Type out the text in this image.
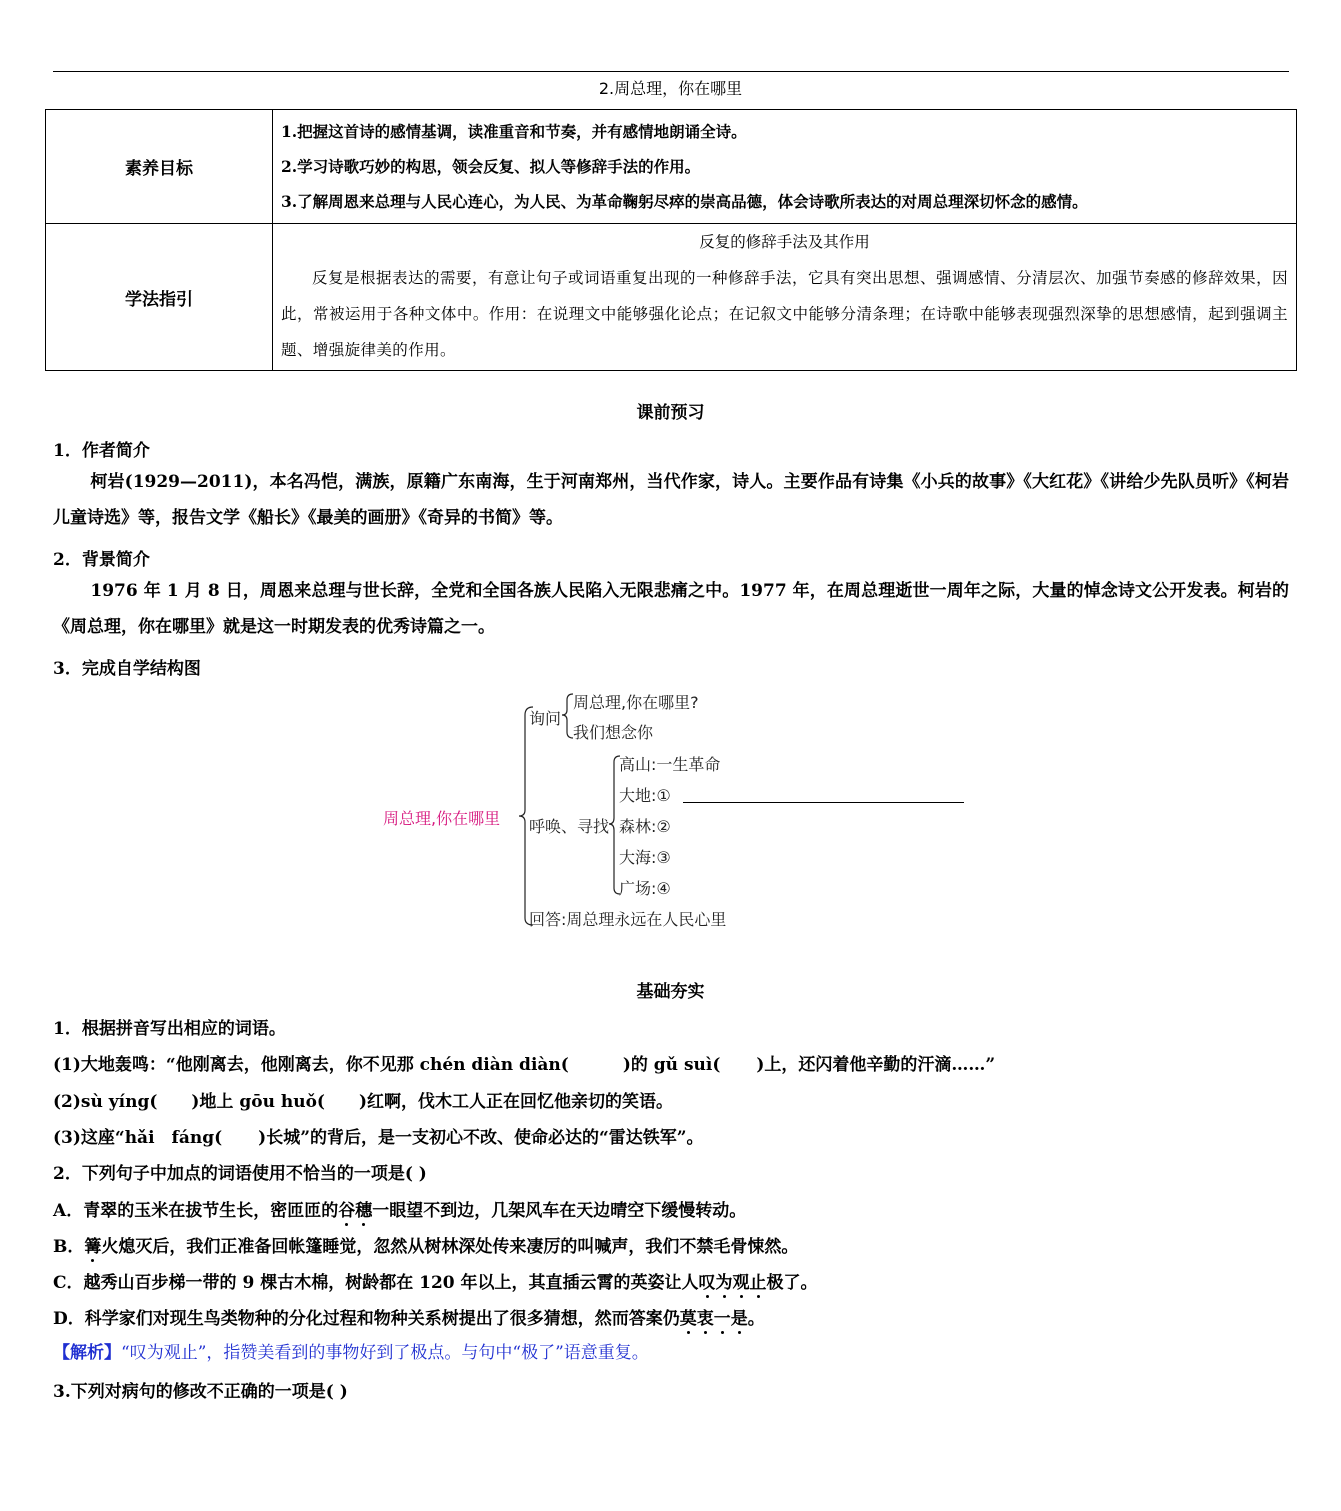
2.周总理，你在哪里
素养目标	1.把握这首诗的感情基调，读准重音和节奏，并有感情地朗诵全诗。
2.学习诗歌巧妙的构思，领会反复、拟人等修辞手法的作用。
3.了解周恩来总理与人民心连心，为人民、为革命鞠躬尽瘁的崇高品德，体会诗歌所表达的对周总理深切怀念的感情。

学法指引	反复的修辞手法及其作用
反复是根据表达的需要，有意让句子或词语重复出现的一种修辞手法，它具有突出思想、强调感情、分清层次、加强节奏感的修辞效果，因此，常被运用于各种文体中。作用：在说理文中能够强化论点；在记叙文中能够分清条理；在诗歌中能够表现强烈深挚的思想感情，起到强调主题、增强旋律美的作用。
课前预习
1．作者简介
柯岩(1929—2011)，本名冯恺，满族，原籍广东南海，生于河南郑州，当代作家，诗人。主要作品有诗集《小兵的故事》《大红花》《讲给少先队员听》《柯岩儿童诗选》等，报告文学《船长》《最美的画册》《奇异的书简》等。
2．背景简介
1976 年 1 月 8 日，周恩来总理与世长辞，全党和全国各族人民陷入无限悲痛之中。1977 年，在周总理逝世一周年之际，大量的悼念诗文公开发表。柯岩的《周总理，你在哪里》就是这一时期发表的优秀诗篇之一。
3．完成自学结构图
周总理,你在哪里
询问
周总理,你在哪里?
我们想念你
呼唤、寻找
高山:一生革命
大地:①
森林:②
大海:③
广场:④
回答:周总理永远在人民心里
基础夯实
1．根据拼音写出相应的词语。
(1)大地轰鸣：“他刚离去，他刚离去，你不见那 chén diàn diàn(	)的 gǔ suì( )上，还闪着他辛勤的汗滴……”
(2)sù yíng( )地上 gōu huǒ( )红啊，伐木工人正在回忆他亲切的笑语。
(3)这座“hǎi　fáng( )长城”的背后，是一支初心不改、使命必达的“雷达铁军”。
2．下列句子中加点的词语使用不恰当的一项是( )
A．青翠的玉米在拔节生长，密匝匝的谷穗一眼望不到边，几架风车在天边晴空下缓慢转动。
B．篝火熄灭后，我们正准备回帐篷睡觉，忽然从树林深处传来凄厉的叫喊声，我们不禁毛骨悚然。
C．越秀山百步梯一带的 9 棵古木棉，树龄都在 120 年以上，其直插云霄的英姿让人叹为观止极了。
D．科学家们对现生鸟类物种的分化过程和物种关系树提出了很多猜想，然而答案仍莫衷一是。
【解析】“叹为观止”，指赞美看到的事物好到了极点。与句中“极了”语意重复。
3.下列对病句的修改不正确的一项是( )
